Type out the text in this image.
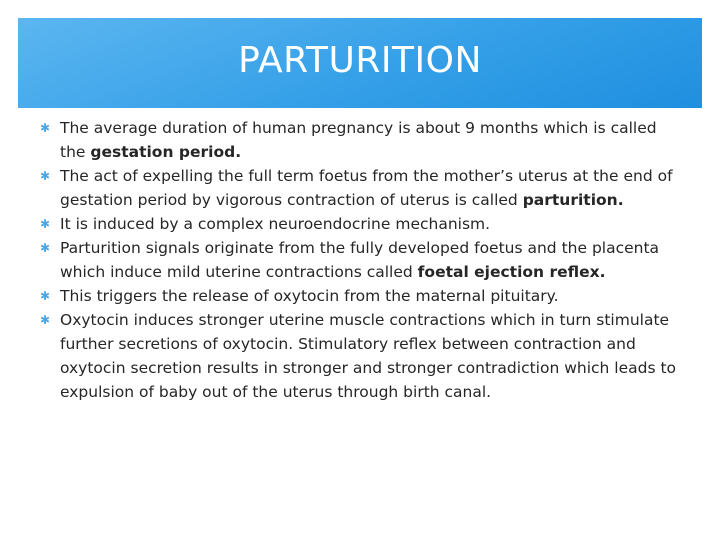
PARTURITION
✱ The average duration of human pregnancy is about 9 months which is called the gestation period.
✱ The act of expelling the full term foetus from the mother’s uterus at the end of gestation period by vigorous contraction of uterus is called parturition.
✱ It is induced by a complex neuroendocrine mechanism.
✱ Parturition signals originate from the fully developed foetus and the placenta which induce mild uterine contractions called foetal ejection reflex.
✱ This triggers the release of oxytocin from the maternal pituitary.
✱ Oxytocin induces stronger uterine muscle contractions which in turn stimulate further secretions of oxytocin. Stimulatory reflex between contraction and oxytocin secretion results in stronger and stronger contradiction which leads to expulsion of baby out of the uterus through birth canal.
